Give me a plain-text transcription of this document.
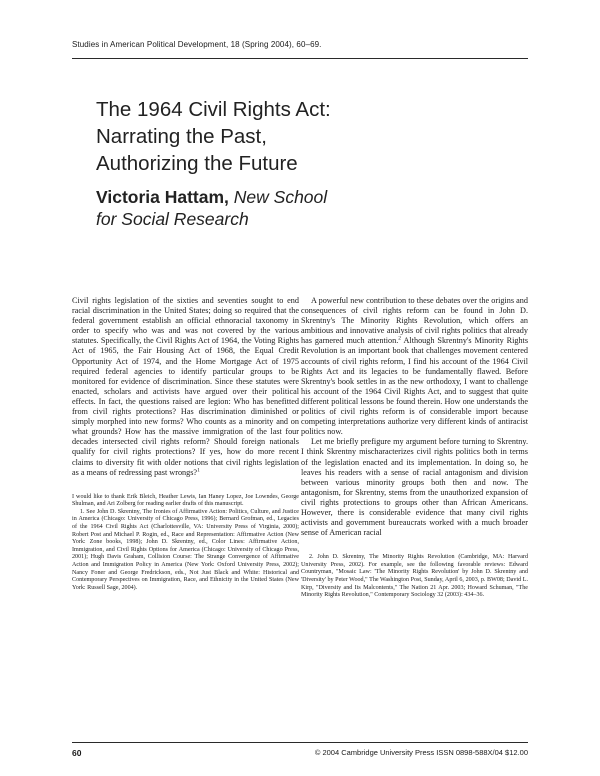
Studies in American Political Development, 18 (Spring 2004), 60–69.
The 1964 Civil Rights Act:
Narrating the Past,
Authorizing the Future

Victoria Hattam, New School
for Social Research

Civil rights legislation of the sixties and seventies sought to end racial discrimination in the United States; doing so required that the federal government establish an official ethnoracial taxonomy in order to specify who was and was not covered by the various statutes. Specifically, the Civil Rights Act of 1964, the Voting Rights Act of 1965, the Fair Housing Act of 1968, the Equal Credit Opportunity Act of 1974, and the Home Mortgage Act of 1975 required federal agencies to identify particular groups to be monitored for evidence of discrimination. Since these statutes were enacted, scholars and activists have argued over their political effects. In fact, the questions raised are legion: Who has benefitted from civil rights protections? Has discrimination diminished or simply morphed into new forms? Who counts as a minority and on what grounds? How has the massive immigration of the last four decades intersected civil rights reform? Should foreign nationals qualify for civil rights protections? If yes, how do more recent claims to diversity fit with older notions that civil rights legislation as a means of redressing past wrongs?$^1$

I would like to thank Erik Bleich, Heather Lewis, Ian Haney Lopez, Joe Lowndes, George Shulman, and Ari Zolberg for reading earlier drafts of this manuscript.

1. See John D. Skrentny, The Ironies of Affirmative Action: Politics, Culture, and Justice in America (Chicago: University of Chicago Press, 1996); Bernard Grofman, ed., Legacies of the 1964 Civil Rights Act (Charlottesville, VA: University Press of Virginia, 2000); Robert Post and Michael P. Rogin, ed., Race and Representation: Affirmative Action (New York: Zone books, 1998); John D. Skrentny, ed., Color Lines: Affirmative Action, Immigration, and Civil Rights Options for America (Chicago: University of Chicago Press, 2001); Hugh Davis Graham, Collision Course: The Strange Convergence of Affirmative Action and Immigration Policy in America (New York: Oxford University Press, 2002); Nancy Foner and George Fredrickson, eds., Not Just Black and White: Historical and Contemporary Perspectives on Immigration, Race, and Ethnicity in the United States (New York: Russell Sage, 2004).

A powerful new contribution to these debates over the origins and consequences of civil rights reform can be found in John D. Skrentny's The Minority Rights Revolution, which offers an ambitious and innovative analysis of civil rights politics that already has garnered much attention.$^2$ Although Skrentny's Minority Rights Revolution is an important book that challenges movement centered accounts of civil rights reform, I find his account of the 1964 Civil Rights Act and its legacies to be fundamentally flawed. Before Skrentny's book settles in as the new orthodoxy, I want to challenge his account of the 1964 Civil Rights Act, and to suggest that quite different political lessons be found therein. How one understands the politics of civil rights reform is of considerable import because competing interpretations authorize very different kinds of antiracist politics now.

Let me briefly prefigure my argument before turning to Skrentny. I think Skrentny mischaracterizes civil rights politics both in terms of the legislation enacted and its implementation. In doing so, he leaves his readers with a sense of racial antagonism and division between various minority groups both then and now. The antagonism, for Skrentny, stems from the unauthorized expansion of civil rights protections to groups other than African Americans. However, there is considerable evidence that many civil rights activists and government bureaucrats worked with a much broader sense of American racial

2. John D. Skrentny, The Minority Rights Revolution (Cambridge, MA: Harvard University Press, 2002). For example, see the following favorable reviews: Edward Countryman, "Mosaic Law: 'The Minority Rights Revolution' by John D. Skrentny and 'Diversity' by Peter Wood," The Washington Post, Sunday, April 6, 2003, p. BW08; David L. Kirp, "Diversity and Its Malcontents," The Nation 21 Apr. 2003; Howard Schuman, "The Minority Rights Revolution," Contemporary Sociology 32 (2003): 434–36.

60	© 2004 Cambridge University Press ISSN 0898-588X/04 $12.00
